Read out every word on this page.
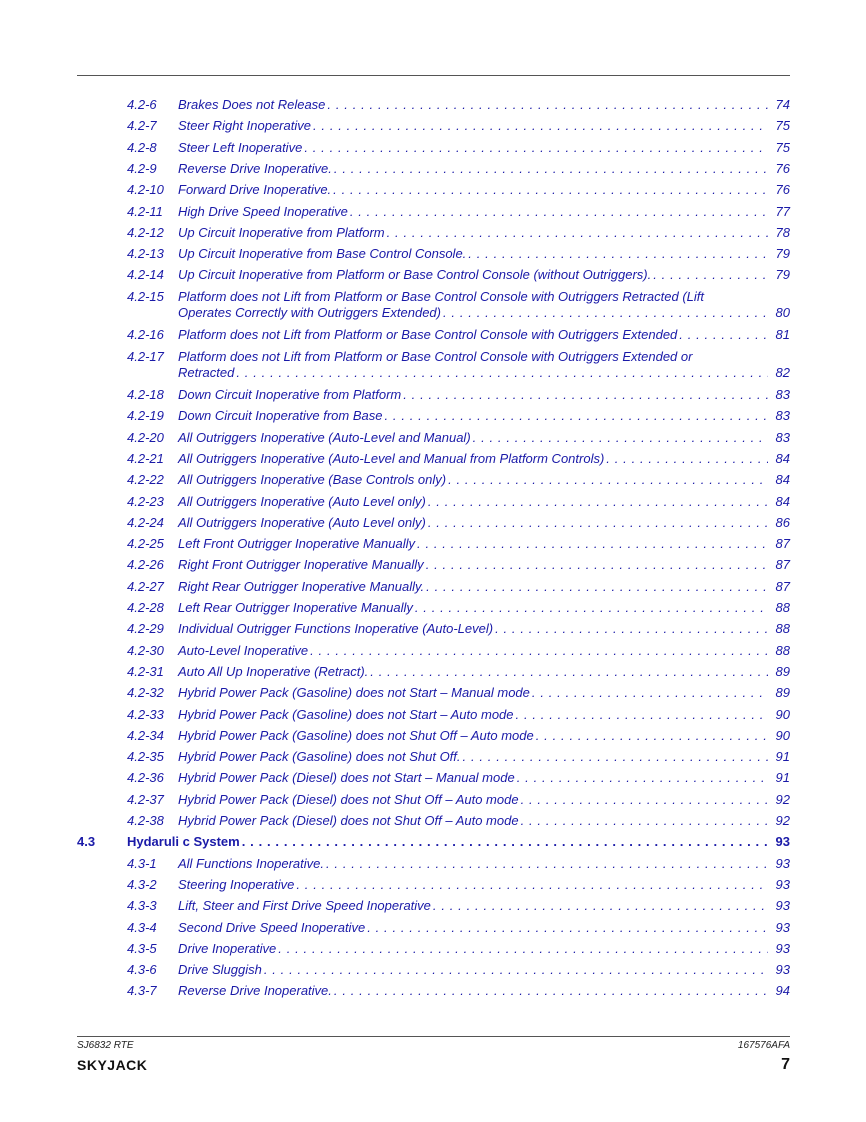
4.2-6	Brakes Does not Release . . .	74
4.2-7	Steer Right Inoperative . . .	75
4.2-8	Steer Left Inoperative . . .	75
4.2-9	Reverse Drive Inoperative. . . .	76
4.2-10	Forward Drive Inoperative. . . .	76
4.2-11	High Drive Speed Inoperative . . .	77
4.2-12	Up Circuit Inoperative from Platform . . .	78
4.2-13	Up Circuit Inoperative from Base Control Console. . . .	79
4.2-14	Up Circuit Inoperative from Platform or Base Control Console (without Outriggers). . . .	79
4.2-15	Platform does not Lift from Platform or Base Control Console with Outriggers Retracted (Lift
Operates Correctly with Outriggers Extended) . . .	80
4.2-16	Platform does not Lift from Platform or Base Control Console with Outriggers Extended . . .	81
4.2-17	Platform does not Lift from Platform or Base Control Console with Outriggers Extended or
Retracted . . .	82
4.2-18	Down Circuit Inoperative from Platform . . .	83
4.2-19	Down Circuit Inoperative from Base . . .	83
4.2-20	All Outriggers Inoperative (Auto-Level and Manual) . . .	83
4.2-21	All Outriggers Inoperative (Auto-Level and Manual from Platform Controls) . . .	84
4.2-22	All Outriggers Inoperative (Base Controls only) . . .	84
4.2-23	All Outriggers Inoperative (Auto Level only) . . .	84
4.2-24	All Outriggers Inoperative (Auto Level only) . . .	86
4.2-25	Left Front Outrigger Inoperative Manually . . .	87
4.2-26	Right Front Outrigger Inoperative Manually . . .	87
4.2-27	Right Rear Outrigger Inoperative Manually. . . .	87
4.2-28	Left Rear Outrigger Inoperative Manually . . .	88
4.2-29	Individual Outrigger Functions Inoperative (Auto-Level) . . .	88
4.2-30	Auto-Level Inoperative . . .	88
4.2-31	Auto All Up Inoperative (Retract). . . .	89
4.2-32	Hybrid Power Pack (Gasoline) does not Start – Manual mode . . .	89
4.2-33	Hybrid Power Pack (Gasoline) does not Start – Auto mode . . .	90
4.2-34	Hybrid Power Pack (Gasoline) does not Shut Off – Auto mode . . .	90
4.2-35	Hybrid Power Pack (Gasoline) does not Shut Off. . . .	91
4.2-36	Hybrid Power Pack (Diesel) does not Start – Manual mode . . .	91
4.2-37	Hybrid Power Pack (Diesel) does not Shut Off – Auto mode . . .	92
4.2-38	Hybrid Power Pack (Diesel) does not Shut Off – Auto mode . . .	92
4.3	Hydaruli c System . . .	93
4.3-1	All Functions Inoperative. . . .	93
4.3-2	Steering Inoperative . . .	93
4.3-3	Lift, Steer and First Drive Speed Inoperative . . .	93
4.3-4	Second Drive Speed Inoperative . . .	93
4.3-5	Drive Inoperative . . .	93
4.3-6	Drive Sluggish . . .	93
4.3-7	Reverse Drive Inoperative. . . .	94
SJ6832 RTE	167576AFA
SKYJACK	7
